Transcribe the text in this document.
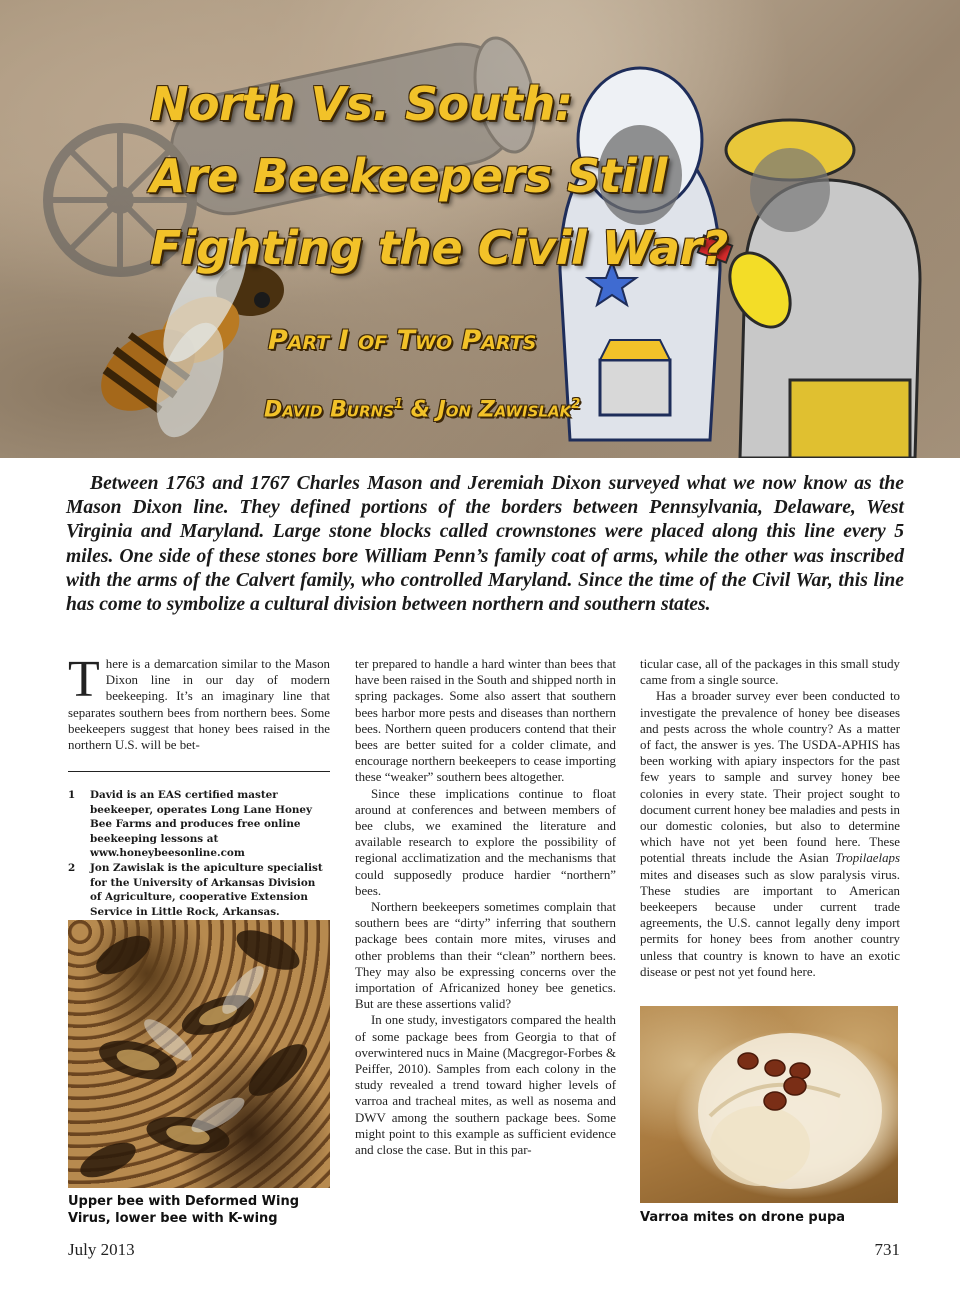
North Vs. South:
Are Beekeepers Still
Fighting the Civil War?
Part I of Two Parts
David Burns$^1$ & Jon Zawislak$^2$

Between 1763 and 1767 Charles Mason and Jeremiah Dixon surveyed what we now know as the Mason Dixon line. They defined portions of the borders between Pennsylvania, Delaware, West Virginia and Maryland. Large stone blocks called crownstones were placed along this line every 5 miles. One side of these stones bore William Penn’s family coat of arms, while the other was inscribed with the arms of the Calvert family, who controlled Maryland. Since the time of the Civil War, this line has come to symbolize a cultural division between northern and southern states.

There is a demarcation similar to the Mason Dixon line in our day of modern beekeeping. It’s an imaginary line that separates southern bees from northern bees. Some beekeepers suggest that honey bees raised in the northern U.S. will be bet-

1 David is an EAS certified master beekeeper, operates Long Lane Honey Bee Farms and produces free online beekeeping lessons at www.honeybeesonline.com
2 Jon Zawislak is the apiculture specialist for the University of Arkansas Division of Agriculture, cooperative Extension Service in Little Rock, Arkansas.

Upper bee with Deformed Wing Virus, lower bee with K-wing

ter prepared to handle a hard winter than bees that have been raised in the South and shipped north in spring packages. Some also assert that southern bees harbor more pests and diseases than northern bees. Northern queen producers contend that their bees are better suited for a colder climate, and encourage northern beekeepers to cease importing these “weaker” southern bees altogether.

Since these implications continue to float around at conferences and between members of bee clubs, we examined the literature and available research to explore the possibility of regional acclimatization and the mechanisms that could supposedly produce hardier “northern” bees.

Northern beekeepers sometimes complain that southern bees are “dirty” inferring that southern package bees contain more mites, viruses and other problems than their “clean” northern bees. They may also be expressing concerns over the importation of Africanized honey bee genetics. But are these assertions valid?

In one study, investigators compared the health of some package bees from Georgia to that of overwintered nucs in Maine (Macgregor-Forbes & Peiffer, 2010). Samples from each colony in the study revealed a trend toward higher levels of varroa and tracheal mites, as well as nosema and DWV among the southern package bees. Some might point to this example as sufficient evidence and close the case. But in this par-

ticular case, all of the packages in this small study came from a single source.

Has a broader survey ever been conducted to investigate the prevalence of honey bee diseases and pests across the whole country? As a matter of fact, the answer is yes. The USDA-APHIS has been working with apiary inspectors for the past few years to sample and survey honey bee colonies in every state. Their project sought to document current honey bee maladies and pests in our domestic colonies, but also to determine which have not yet been found here. These potential threats include the Asian Tropilaelaps mites and diseases such as slow paralysis virus. These studies are important to American beekeepers because under current trade agreements, the U.S. cannot legally deny import permits for honey bees from another country unless that country is known to have an exotic disease or pest not yet found here.

Varroa mites on drone pupa

July 2013	731
